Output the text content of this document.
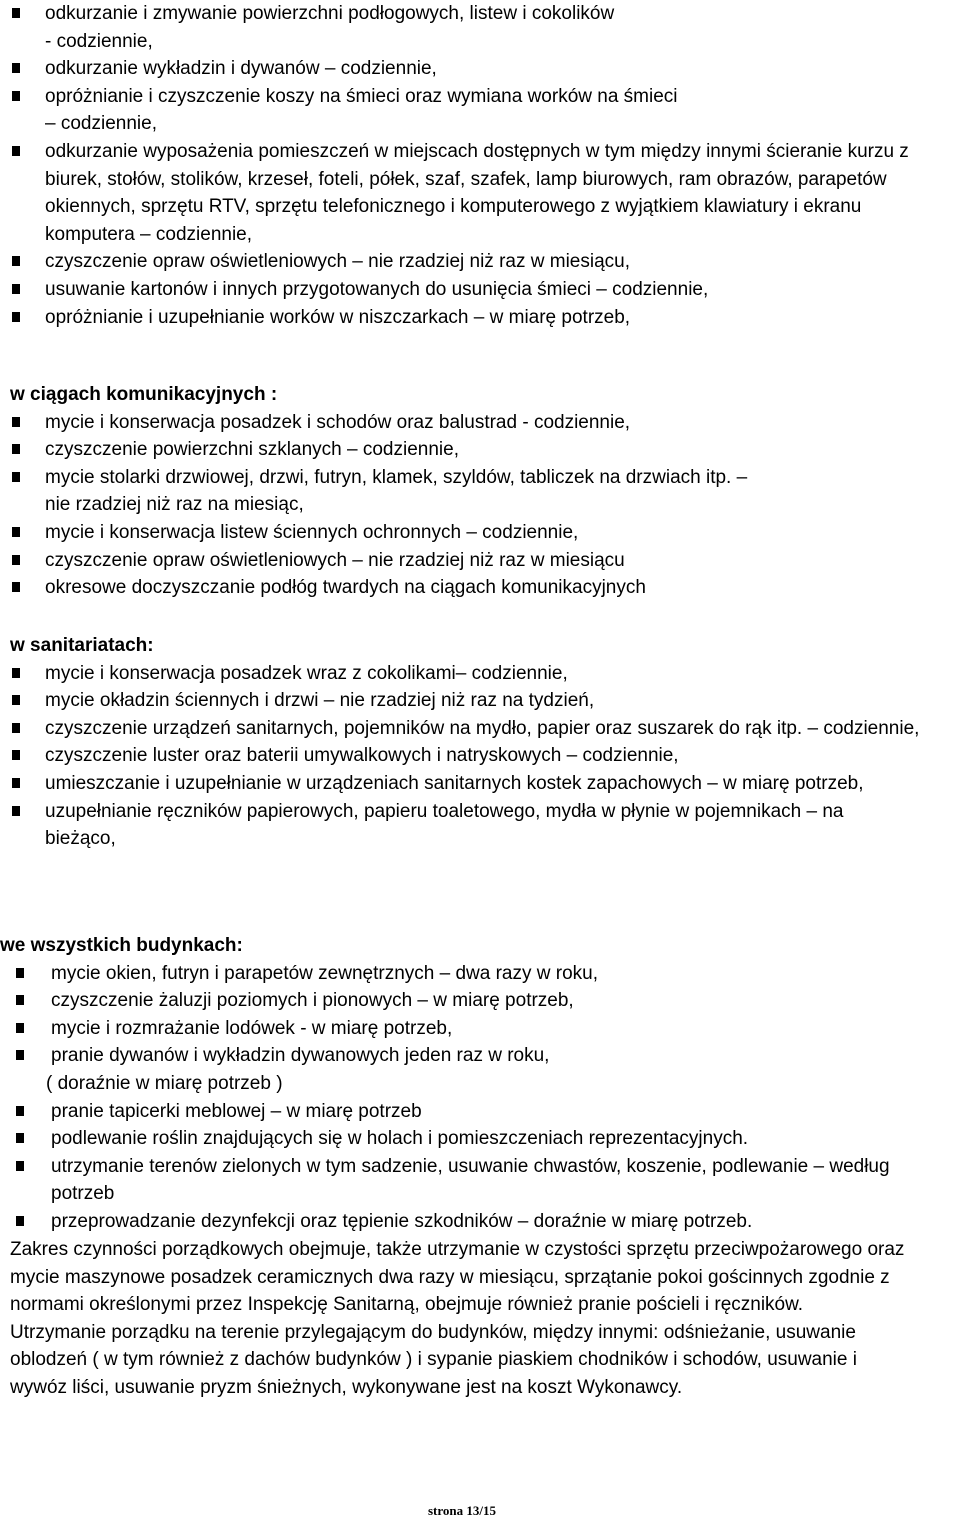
odkurzanie i zmywanie powierzchni podłogowych, listew i cokolików
- codziennie,
odkurzanie wykładzin i dywanów – codziennie,
opróżnianie i czyszczenie koszy na śmieci oraz wymiana worków na śmieci
– codziennie,
odkurzanie wyposażenia pomieszczeń w miejscach dostępnych w tym między innymi ścieranie kurzu z biurek, stołów, stolików, krzeseł, foteli, półek, szaf, szafek, lamp biurowych, ram obrazów, parapetów okiennych, sprzętu RTV, sprzętu telefonicznego i komputerowego z wyjątkiem klawiatury i ekranu komputera – codziennie,
czyszczenie opraw oświetleniowych – nie rzadziej niż raz w miesiącu,
usuwanie kartonów i innych przygotowanych do usunięcia śmieci – codziennie,
opróżnianie i uzupełnianie worków w niszczarkach – w miarę potrzeb,
w ciągach komunikacyjnych :
mycie i konserwacja posadzek i schodów oraz balustrad - codziennie,
czyszczenie powierzchni szklanych – codziennie,
mycie stolarki drzwiowej, drzwi, futryn, klamek, szyldów, tabliczek na drzwiach itp. –
nie rzadziej niż raz na miesiąc,
mycie i konserwacja listew ściennych ochronnych – codziennie,
czyszczenie opraw oświetleniowych – nie rzadziej niż raz w miesiącu
okresowe doczyszczanie podłóg twardych na ciągach komunikacyjnych
w sanitariatach:
mycie i konserwacja posadzek wraz z cokolikami– codziennie,
mycie okładzin ściennych i drzwi – nie rzadziej niż raz na tydzień,
czyszczenie urządzeń sanitarnych, pojemników na mydło, papier oraz suszarek do rąk itp. – codziennie,
czyszczenie luster oraz baterii umywalkowych i natryskowych – codziennie,
umieszczanie i uzupełnianie w urządzeniach sanitarnych kostek zapachowych – w miarę potrzeb,
uzupełnianie ręczników papierowych, papieru toaletowego, mydła w płynie w pojemnikach – na bieżąco,
we wszystkich budynkach:
mycie okien, futryn i parapetów zewnętrznych – dwa razy w roku,
czyszczenie żaluzji poziomych i pionowych – w miarę potrzeb,
mycie i rozmrażanie lodówek - w miarę potrzeb,
pranie dywanów i wykładzin dywanowych jeden raz w roku,
( doraźnie w miarę potrzeb )
pranie tapicerki meblowej – w miarę potrzeb
podlewanie roślin znajdujących się w holach i pomieszczeniach reprezentacyjnych.
utrzymanie terenów zielonych w tym sadzenie, usuwanie chwastów, koszenie, podlewanie – według potrzeb
przeprowadzanie dezynfekcji oraz tępienie szkodników – doraźnie w miarę potrzeb.
Zakres czynności porządkowych obejmuje, także utrzymanie w czystości sprzętu przeciwpożarowego oraz mycie maszynowe posadzek ceramicznych dwa razy w miesiącu, sprzątanie pokoi gościnnych zgodnie z normami określonymi przez Inspekcję Sanitarną, obejmuje również pranie pościeli i ręczników.
Utrzymanie porządku na terenie przylegającym do budynków, między innymi: odśnieżanie, usuwanie oblodzeń ( w tym również z dachów budynków ) i sypanie piaskiem chodników i schodów, usuwanie i wywóz liści, usuwanie pryzm śnieżnych, wykonywane jest na koszt Wykonawcy.
strona 13/15
